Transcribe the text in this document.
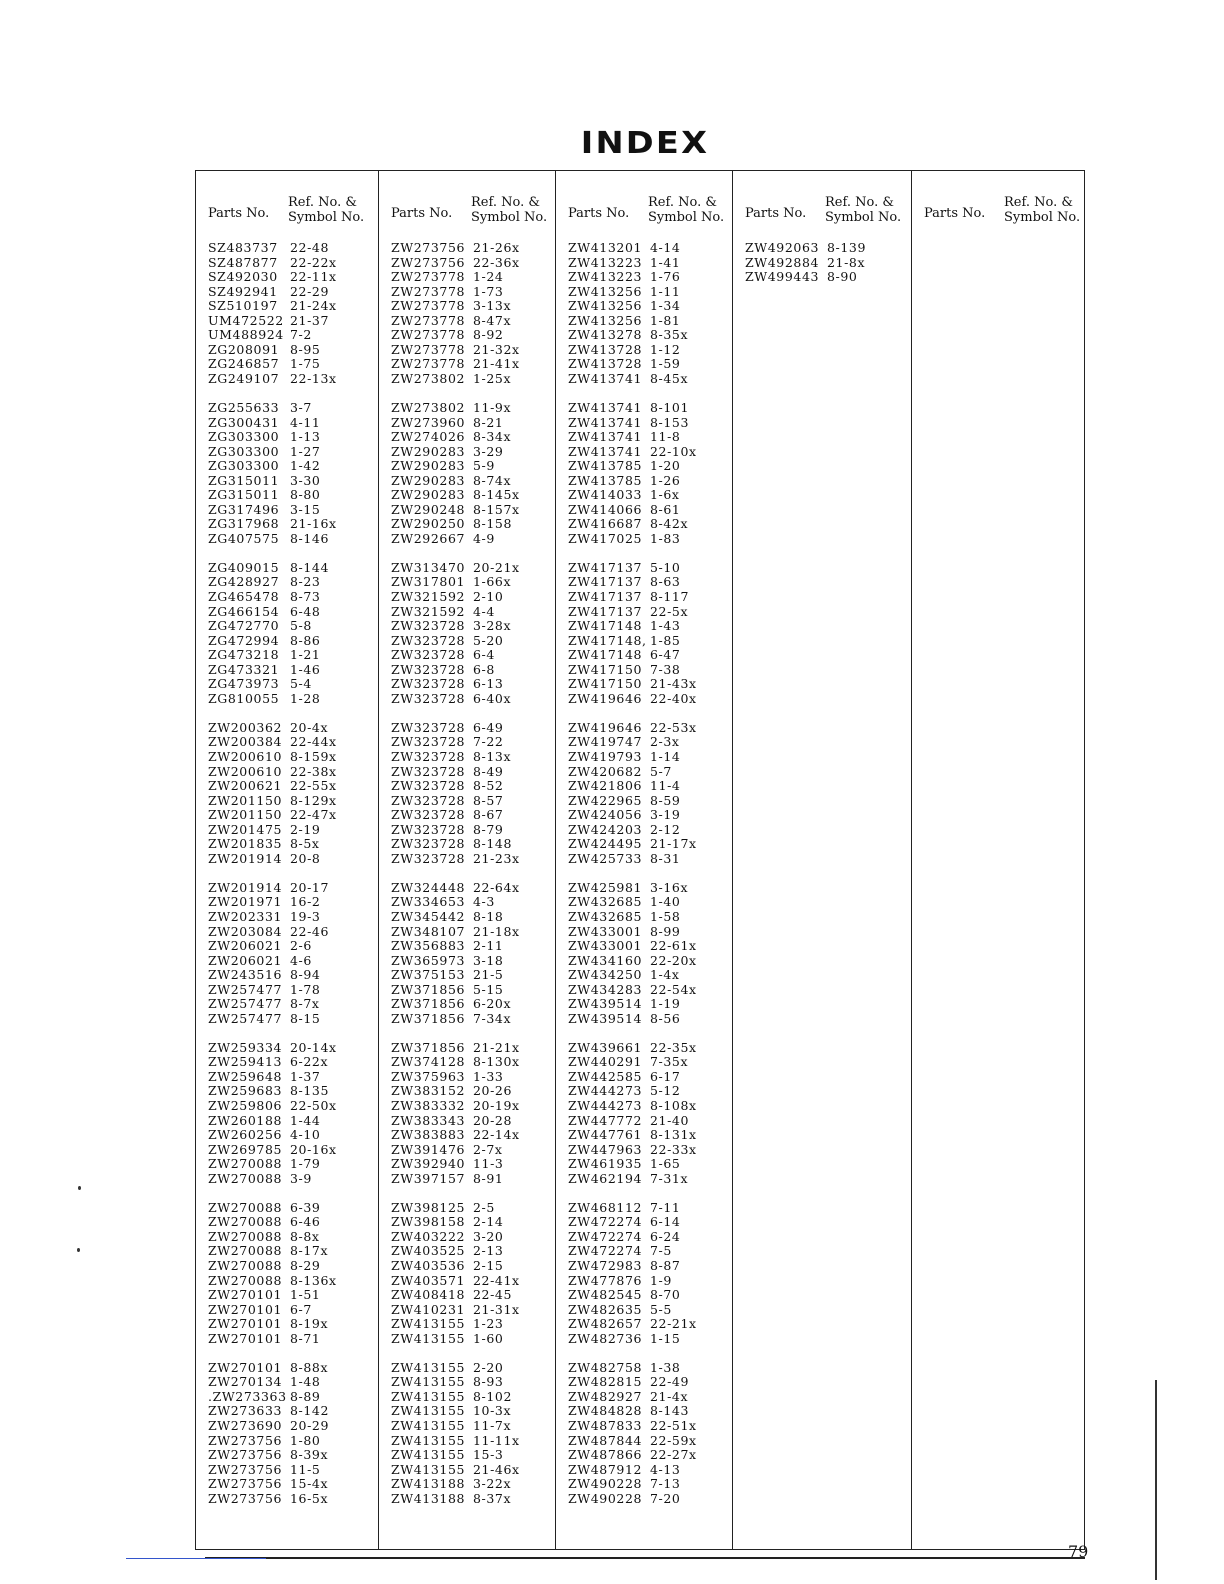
INDEX
Parts No.
Ref. No. &
Symbol No.
SZ483737 22-48
SZ487877 22-22x
SZ492030 22-11x
SZ492941 22-29
SZ510197 21-24x
UM472522 21-37
UM488924 7-2
ZG208091 8-95
ZG246857 1-75
ZG249107 22-13x
ZG255633 3-7
ZG300431 4-11
ZG303300 1-13
ZG303300 1-27
ZG303300 1-42
ZG315011 3-30
ZG315011 8-80
ZG317496 3-15
ZG317968 21-16x
ZG407575 8-146
ZG409015 8-144
ZG428927 8-23
ZG465478 8-73
ZG466154 6-48
ZG472770 5-8
ZG472994 8-86
ZG473218 1-21
ZG473321 1-46
ZG473973 5-4
ZG810055 1-28
ZW200362 20-4x
ZW200384 22-44x
ZW200610 8-159x
ZW200610 22-38x
ZW200621 22-55x
ZW201150 8-129x
ZW201150 22-47x
ZW201475 2-19
ZW201835 8-5x
ZW201914 20-8
ZW201914 20-17
ZW201971 16-2
ZW202331 19-3
ZW203084 22-46
ZW206021 2-6
ZW206021 4-6
ZW243516 8-94
ZW257477 1-78
ZW257477 8-7x
ZW257477 8-15
ZW259334 20-14x
ZW259413 6-22x
ZW259648 1-37
ZW259683 8-135
ZW259806 22-50x
ZW260188 1-44
ZW260256 4-10
ZW269785 20-16x
ZW270088 1-79
ZW270088 3-9
ZW270088 6-39
ZW270088 6-46
ZW270088 8-8x
ZW270088 8-17x
ZW270088 8-29
ZW270088 8-136x
ZW270101 1-51
ZW270101 6-7
ZW270101 8-19x
ZW270101 8-71
ZW270101 8-88x
ZW270134 1-48
.ZW273363 8-89
ZW273633 8-142
ZW273690 20-29
ZW273756 1-80
ZW273756 8-39x
ZW273756 11-5
ZW273756 15-4x
ZW273756 16-5x
Parts No.
Ref. No. &
Symbol No.
ZW273756 21-26x
ZW273756 22-36x
ZW273778 1-24
ZW273778 1-73
ZW273778 3-13x
ZW273778 8-47x
ZW273778 8-92
ZW273778 21-32x
ZW273778 21-41x
ZW273802 1-25x
ZW273802 11-9x
ZW273960 8-21
ZW274026 8-34x
ZW290283 3-29
ZW290283 5-9
ZW290283 8-74x
ZW290283 8-145x
ZW290248 8-157x
ZW290250 8-158
ZW292667 4-9
ZW313470 20-21x
ZW317801 1-66x
ZW321592 2-10
ZW321592 4-4
ZW323728 3-28x
ZW323728 5-20
ZW323728 6-4
ZW323728 6-8
ZW323728 6-13
ZW323728 6-40x
ZW323728 6-49
ZW323728 7-22
ZW323728 8-13x
ZW323728 8-49
ZW323728 8-52
ZW323728 8-57
ZW323728 8-67
ZW323728 8-79
ZW323728 8-148
ZW323728 21-23x
ZW324448 22-64x
ZW334653 4-3
ZW345442 8-18
ZW348107 21-18x
ZW356883 2-11
ZW365973 3-18
ZW375153 21-5
ZW371856 5-15
ZW371856 6-20x
ZW371856 7-34x
ZW371856 21-21x
ZW374128 8-130x
ZW375963 1-33
ZW383152 20-26
ZW383332 20-19x
ZW383343 20-28
ZW383883 22-14x
ZW391476 2-7x
ZW392940 11-3
ZW397157 8-91
ZW398125 2-5
ZW398158 2-14
ZW403222 3-20
ZW403525 2-13
ZW403536 2-15
ZW403571 22-41x
ZW408418 22-45
ZW410231 21-31x
ZW413155 1-23
ZW413155 1-60
ZW413155 2-20
ZW413155 8-93
ZW413155 8-102
ZW413155 10-3x
ZW413155 11-7x
ZW413155 11-11x
ZW413155 15-3
ZW413155 21-46x
ZW413188 3-22x
ZW413188 8-37x
Parts No.
Ref. No. &
Symbol No.
ZW413201 4-14
ZW413223 1-41
ZW413223 1-76
ZW413256 1-11
ZW413256 1-34
ZW413256 1-81
ZW413278 8-35x
ZW413728 1-12
ZW413728 1-59
ZW413741 8-45x
ZW413741 8-101
ZW413741 8-153
ZW413741 11-8
ZW413741 22-10x
ZW413785 1-20
ZW413785 1-26
ZW414033 1-6x
ZW414066 8-61
ZW416687 8-42x
ZW417025 1-83
ZW417137 5-10
ZW417137 8-63
ZW417137 8-117
ZW417137 22-5x
ZW417148 1-43
ZW417148, 1-85
ZW417148 6-47
ZW417150 7-38
ZW417150 21-43x
ZW419646 22-40x
ZW419646 22-53x
ZW419747 2-3x
ZW419793 1-14
ZW420682 5-7
ZW421806 11-4
ZW422965 8-59
ZW424056 3-19
ZW424203 2-12
ZW424495 21-17x
ZW425733 8-31
ZW425981 3-16x
ZW432685 1-40
ZW432685 1-58
ZW433001 8-99
ZW433001 22-61x
ZW434160 22-20x
ZW434250 1-4x
ZW434283 22-54x
ZW439514 1-19
ZW439514 8-56
ZW439661 22-35x
ZW440291 7-35x
ZW442585 6-17
ZW444273 5-12
ZW444273 8-108x
ZW447772 21-40
ZW447761 8-131x
ZW447963 22-33x
ZW461935 1-65
ZW462194 7-31x
ZW468112 7-11
ZW472274 6-14
ZW472274 6-24
ZW472274 7-5
ZW472983 8-87
ZW477876 1-9
ZW482545 8-70
ZW482635 5-5
ZW482657 22-21x
ZW482736 1-15
ZW482758 1-38
ZW482815 22-49
ZW482927 21-4x
ZW484828 8-143
ZW487833 22-51x
ZW487844 22-59x
ZW487866 22-27x
ZW487912 4-13
ZW490228 7-13
ZW490228 7-20
Parts No.
Ref. No. &
Symbol No.
ZW492063 8-139
ZW492884 21-8x
ZW499443 8-90
Parts No.
Ref. No. &
Symbol No.
79
